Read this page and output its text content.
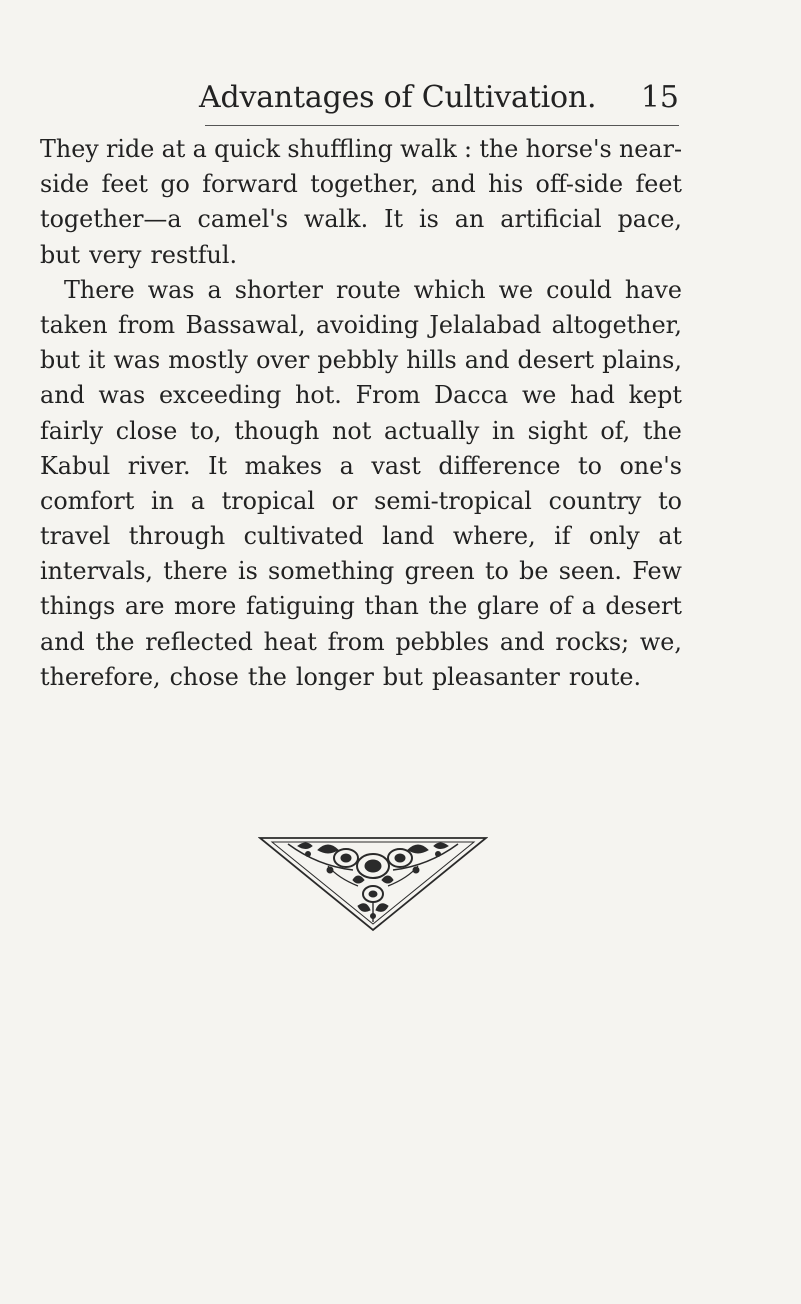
Advantages of Cultivation. 15
They ride at a quick shuffling walk : the horse's near-
side feet go forward together, and his off-side feet
together—a camel's walk. It is an artificial pace,
but very restful.
There was a shorter route which we could have
taken from Bassawal, avoiding Jelalabad altogether,
but it was mostly over pebbly hills and desert plains,
and was exceeding hot. From Dacca we had kept
fairly close to, though not actually in sight of, the
Kabul river. It makes a vast difference to one's
comfort in a tropical or semi-tropical country to
travel through cultivated land where, if only at
intervals, there is something green to be seen. Few
things are more fatiguing than the glare of a desert
and the reflected heat from pebbles and rocks; we,
therefore, chose the longer but pleasanter route.
